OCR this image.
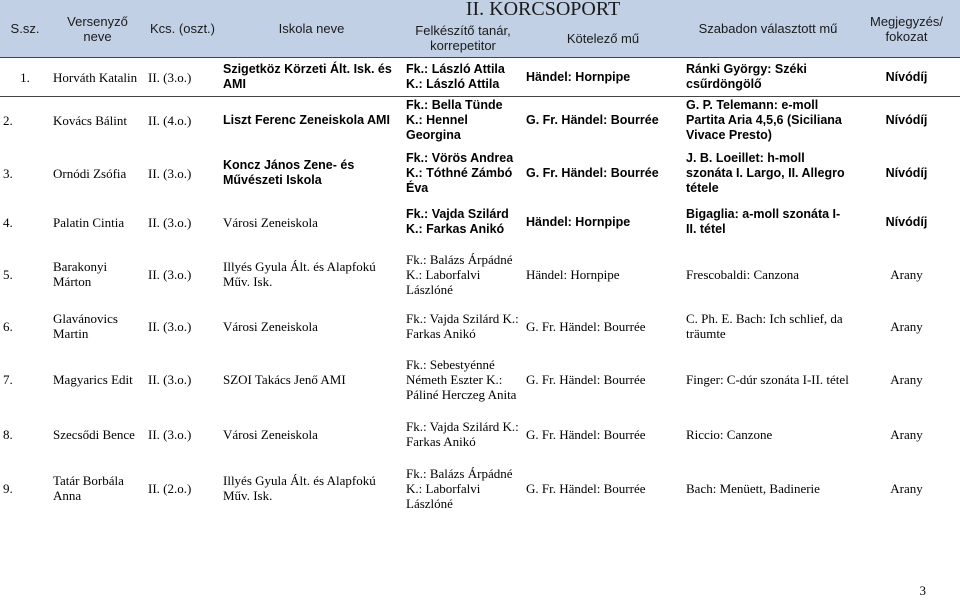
S.sz.	Versenyző neve	Kcs. (oszt.)	Iskola neve	II. KORCSOPORT		Szabadon választott mű	Megjegyzés/ fokozat
				Felkészítő tanár, korrepetitor	Kötelező mű		
1.	Horváth Katalin	II. (3.o.)	Szigetköz Körzeti Ált. Isk. és AMI	Fk.: László Attila K.: László Attila	Händel: Hornpipe	Ránki György: Széki csűrdöngölő	Nívódíj
2.	Kovács Bálint	II. (4.o.)	Liszt Ferenc Zeneiskola AMI	Fk.: Bella Tünde K.: Hennel Georgina	G. Fr. Händel: Bourrée	G. P. Telemann: e-moll Partita Aria 4,5,6 (Siciliana Vivace Presto)	Nívódíj
3.	Ornódi Zsófia	II. (3.o.)	Koncz János Zene- és Művészeti Iskola	Fk.: Vörös Andrea K.: Tóthné Zámbó Éva	G. Fr. Händel: Bourrée	J. B. Loeillet: h-moll szonáta I. Largo, II. Allegro tétele	Nívódíj
4.	Palatin Cintia	II. (3.o.)	Városi Zeneiskola	Fk.: Vajda Szilárd K.: Farkas Anikó	Händel: Hornpipe	Bigaglia: a-moll szonáta I-II. tétel	Nívódíj
5.	Barakonyi Márton	II. (3.o.)	Illyés Gyula Ált. és Alapfokú Műv. Isk.	Fk.: Balázs Árpádné K.: Laborfalvi Lászlóné	Händel: Hornpipe	Frescobaldi: Canzona	Arany
6.	Glavánovics Martin	II. (3.o.)	Városi Zeneiskola	Fk.: Vajda Szilárd K.: Farkas Anikó	G. Fr. Händel: Bourrée	C. Ph. E. Bach: Ich schlief, da träumte	Arany
7.	Magyarics Edit	II. (3.o.)	SZOI Takács Jenő AMI	Fk.: Sebestyénné Németh Eszter K.: Páliné Herczeg Anita	G. Fr. Händel: Bourrée	Finger: C-dúr szonáta I-II. tétel	Arany
8.	Szecsődi Bence	II. (3.o.)	Városi Zeneiskola	Fk.: Vajda Szilárd K.: Farkas Anikó	G. Fr. Händel: Bourrée	Riccio: Canzone	Arany
9.	Tatár Borbála Anna	II. (2.o.)	Illyés Gyula Ált. és Alapfokú Műv. Isk.	Fk.: Balázs Árpádné K.: Laborfalvi Lászlóné	G. Fr. Händel: Bourrée	Bach: Menüett, Badinerie	Arany
3
